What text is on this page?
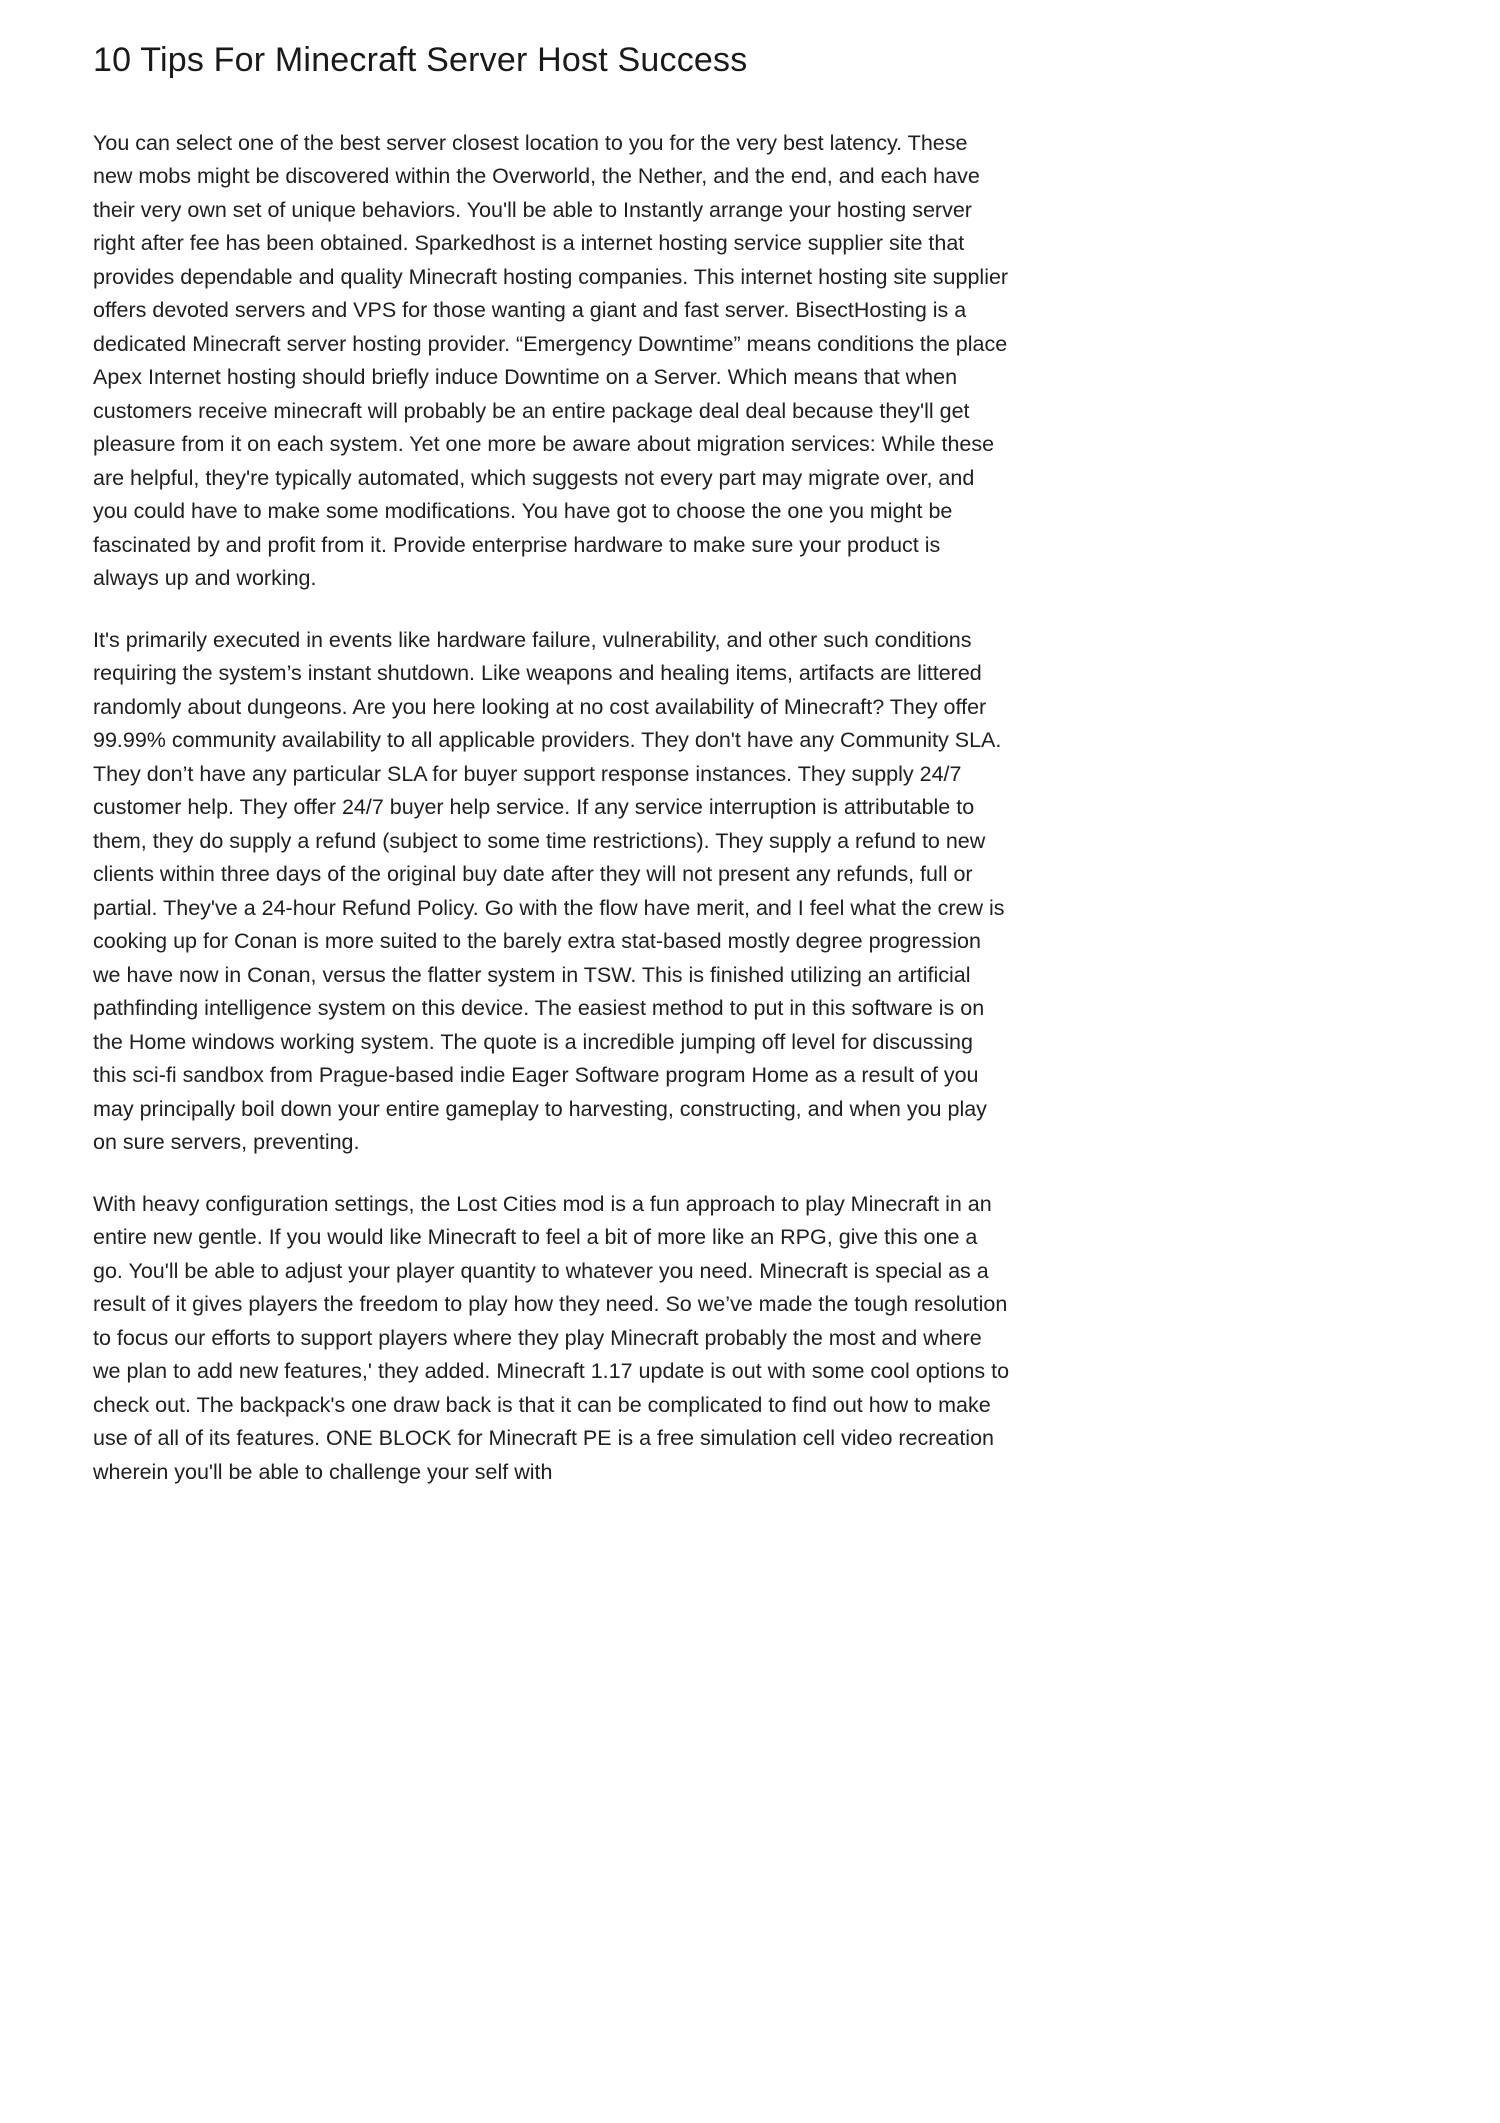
10 Tips For Minecraft Server Host Success

You can select one of the best server closest location to you for the very best latency. These new mobs might be discovered within the Overworld, the Nether, and the end, and each have their very own set of unique behaviors. You'll be able to Instantly arrange your hosting server right after fee has been obtained. Sparkedhost is a internet hosting service supplier site that provides dependable and quality Minecraft hosting companies. This internet hosting site supplier offers devoted servers and VPS for those wanting a giant and fast server. BisectHosting is a dedicated Minecraft server hosting provider. “Emergency Downtime” means conditions the place Apex Internet hosting should briefly induce Downtime on a Server. Which means that when customers receive minecraft will probably be an entire package deal deal because they'll get pleasure from it on each system. Yet one more be aware about migration services: While these are helpful, they're typically automated, which suggests not every part may migrate over, and you could have to make some modifications. You have got to choose the one you might be fascinated by and profit from it. Provide enterprise hardware to make sure your product is always up and working.

It's primarily executed in events like hardware failure, vulnerability, and other such conditions requiring the system’s instant shutdown. Like weapons and healing items, artifacts are littered randomly about dungeons. Are you here looking at no cost availability of Minecraft? They offer 99.99% community availability to all applicable providers. They don't have any Community SLA. They don’t have any particular SLA for buyer support response instances. They supply 24/7 customer help. They offer 24/7 buyer help service. If any service interruption is attributable to them, they do supply a refund (subject to some time restrictions). They supply a refund to new clients within three days of the original buy date after they will not present any refunds, full or partial. They've a 24-hour Refund Policy. Go with the flow have merit, and I feel what the crew is cooking up for Conan is more suited to the barely extra stat-based mostly degree progression we have now in Conan, versus the flatter system in TSW. This is finished utilizing an artificial pathfinding intelligence system on this device. The easiest method to put in this software is on the Home windows working system. The quote is a incredible jumping off level for discussing this sci-fi sandbox from Prague-based indie Eager Software program Home as a result of you may principally boil down your entire gameplay to harvesting, constructing, and when you play on sure servers, preventing.

With heavy configuration settings, the Lost Cities mod is a fun approach to play Minecraft in an entire new gentle. If you would like Minecraft to feel a bit of more like an RPG, give this one a go. You'll be able to adjust your player quantity to whatever you need. Minecraft is special as a result of it gives players the freedom to play how they need. So we’ve made the tough resolution to focus our efforts to support players where they play Minecraft probably the most and where we plan to add new features,' they added. Minecraft 1.17 update is out with some cool options to check out. The backpack's one draw back is that it can be complicated to find out how to make use of all of its features. ONE BLOCK for Minecraft PE is a free simulation cell video recreation wherein you'll be able to challenge your self with
